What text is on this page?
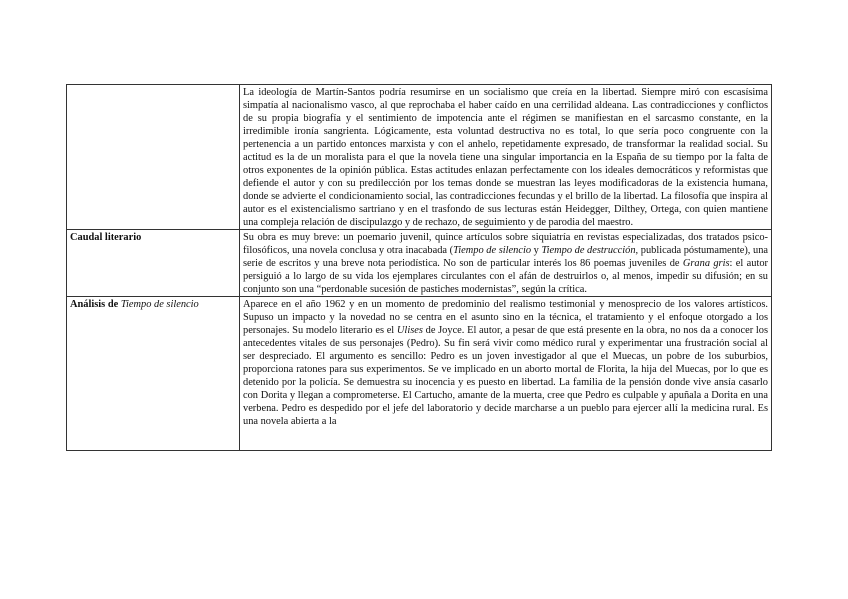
	La ideología de Martín-Santos podría resumirse en un socialismo que creía en la libertad. Siempre miró con escasísima simpatía al nacionalismo vasco, al que reprochaba el haber caído en una cerrilidad aldeana. Las contradicciones y conflictos de su propia biografía y el sentimiento de impotencia ante el régimen se manifiestan en el sarcasmo constante, en la irredimible ironía sangrienta. Lógicamente, esta voluntad destructiva no es total, lo que sería poco congruente con la pertenencia a un partido entonces marxista y con el anhelo, repetidamente expresado, de transformar la realidad social. Su actitud es la de un moralista para el que la novela tiene una singular importancia en la España de su tiempo por la falta de otros exponentes de la opinión pública. Estas actitudes enlazan perfectamente con los ideales democráticos y reformistas que defiende el autor y con su predilección por los temas donde se muestran las leyes modificadoras de la existencia humana, donde se advierte el condicionamiento social, las contradicciones fecundas y el brillo de la libertad. La filosofía que inspira al autor es el existencialismo sartriano y en el trasfondo de sus lecturas están Heidegger, Dilthey, Ortega, con quien mantiene una compleja relación de discipulazgo y de rechazo, de seguimiento y de parodia del maestro.
Caudal literario	Su obra es muy breve: un poemario juvenil, quince artículos sobre siquiatría en revistas especializadas, dos tratados psico-filosóficos, una novela conclusa y otra inacabada (Tiempo de silencio y Tiempo de destrucción, publicada póstumamente), una serie de escritos y una breve nota periodística. No son de particular interés los 86 poemas juveniles de Grana gris: el autor persiguió a lo largo de su vida los ejemplares circulantes con el afán de destruirlos o, al menos, impedir su difusión; en su conjunto son una “perdonable sucesión de pastiches modernistas”, según la crítica.
Análisis de Tiempo de silencio	Aparece en el año 1962 y en un momento de predominio del realismo testimonial y menosprecio de los valores artísticos. Supuso un impacto y la novedad no se centra en el asunto sino en la técnica, el tratamiento y el enfoque otorgado a los personajes. Su modelo literario es el Ulises de Joyce. El autor, a pesar de que está presente en la obra, no nos da a conocer los antecedentes vitales de sus personajes (Pedro). Su fin será vivir como médico rural y experimentar una frustración social al ser despreciado. El argumento es sencillo: Pedro es un joven investigador al que el Muecas, un pobre de los suburbios, proporciona ratones para sus experimentos. Se ve implicado en un aborto mortal de Florita, la hija del Muecas, por lo que es detenido por la policía. Se demuestra su inocencia y es puesto en libertad. La familia de la pensión donde vive ansía casarlo con Dorita y llegan a comprometerse. El Cartucho, amante de la muerta, cree que Pedro es culpable y apuñala a Dorita en una verbena. Pedro es despedido por el jefe del laboratorio y decide marcharse a un pueblo para ejercer allí la medicina rural. Es una novela abierta a la
